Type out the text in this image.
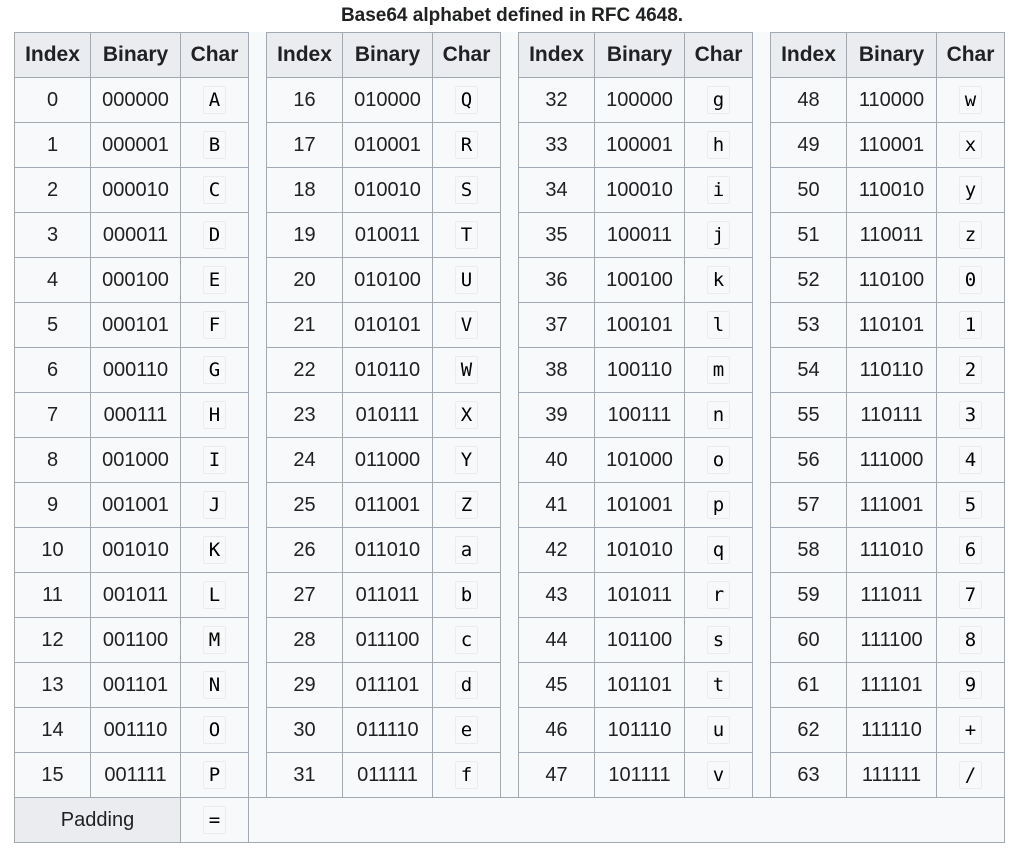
Base64 alphabet defined in RFC 4648.
Index	Binary	Char		Index	Binary	Char		Index	Binary	Char		Index	Binary	Char
0	000000	A		16	010000	Q		32	100000	g		48	110000	w
1	000001	B		17	010001	R		33	100001	h		49	110001	x
2	000010	C		18	010010	S		34	100010	i		50	110010	y
3	000011	D		19	010011	T		35	100011	j		51	110011	z
4	000100	E		20	010100	U		36	100100	k		52	110100	0
5	000101	F		21	010101	V		37	100101	l		53	110101	1
6	000110	G		22	010110	W		38	100110	m		54	110110	2
7	000111	H		23	010111	X		39	100111	n		55	110111	3
8	001000	I		24	011000	Y		40	101000	o		56	111000	4
9	001001	J		25	011001	Z		41	101001	p		57	111001	5
10	001010	K		26	011010	a		42	101010	q		58	111010	6
11	001011	L		27	011011	b		43	101011	r		59	111011	7
12	001100	M		28	011100	c		44	101100	s		60	111100	8
13	001101	N		29	011101	d		45	101101	t		61	111101	9
14	001110	O		30	011110	e		46	101110	u		62	111110	+
15	001111	P		31	011111	f		47	101111	v		63	111111	/
Padding		=												
